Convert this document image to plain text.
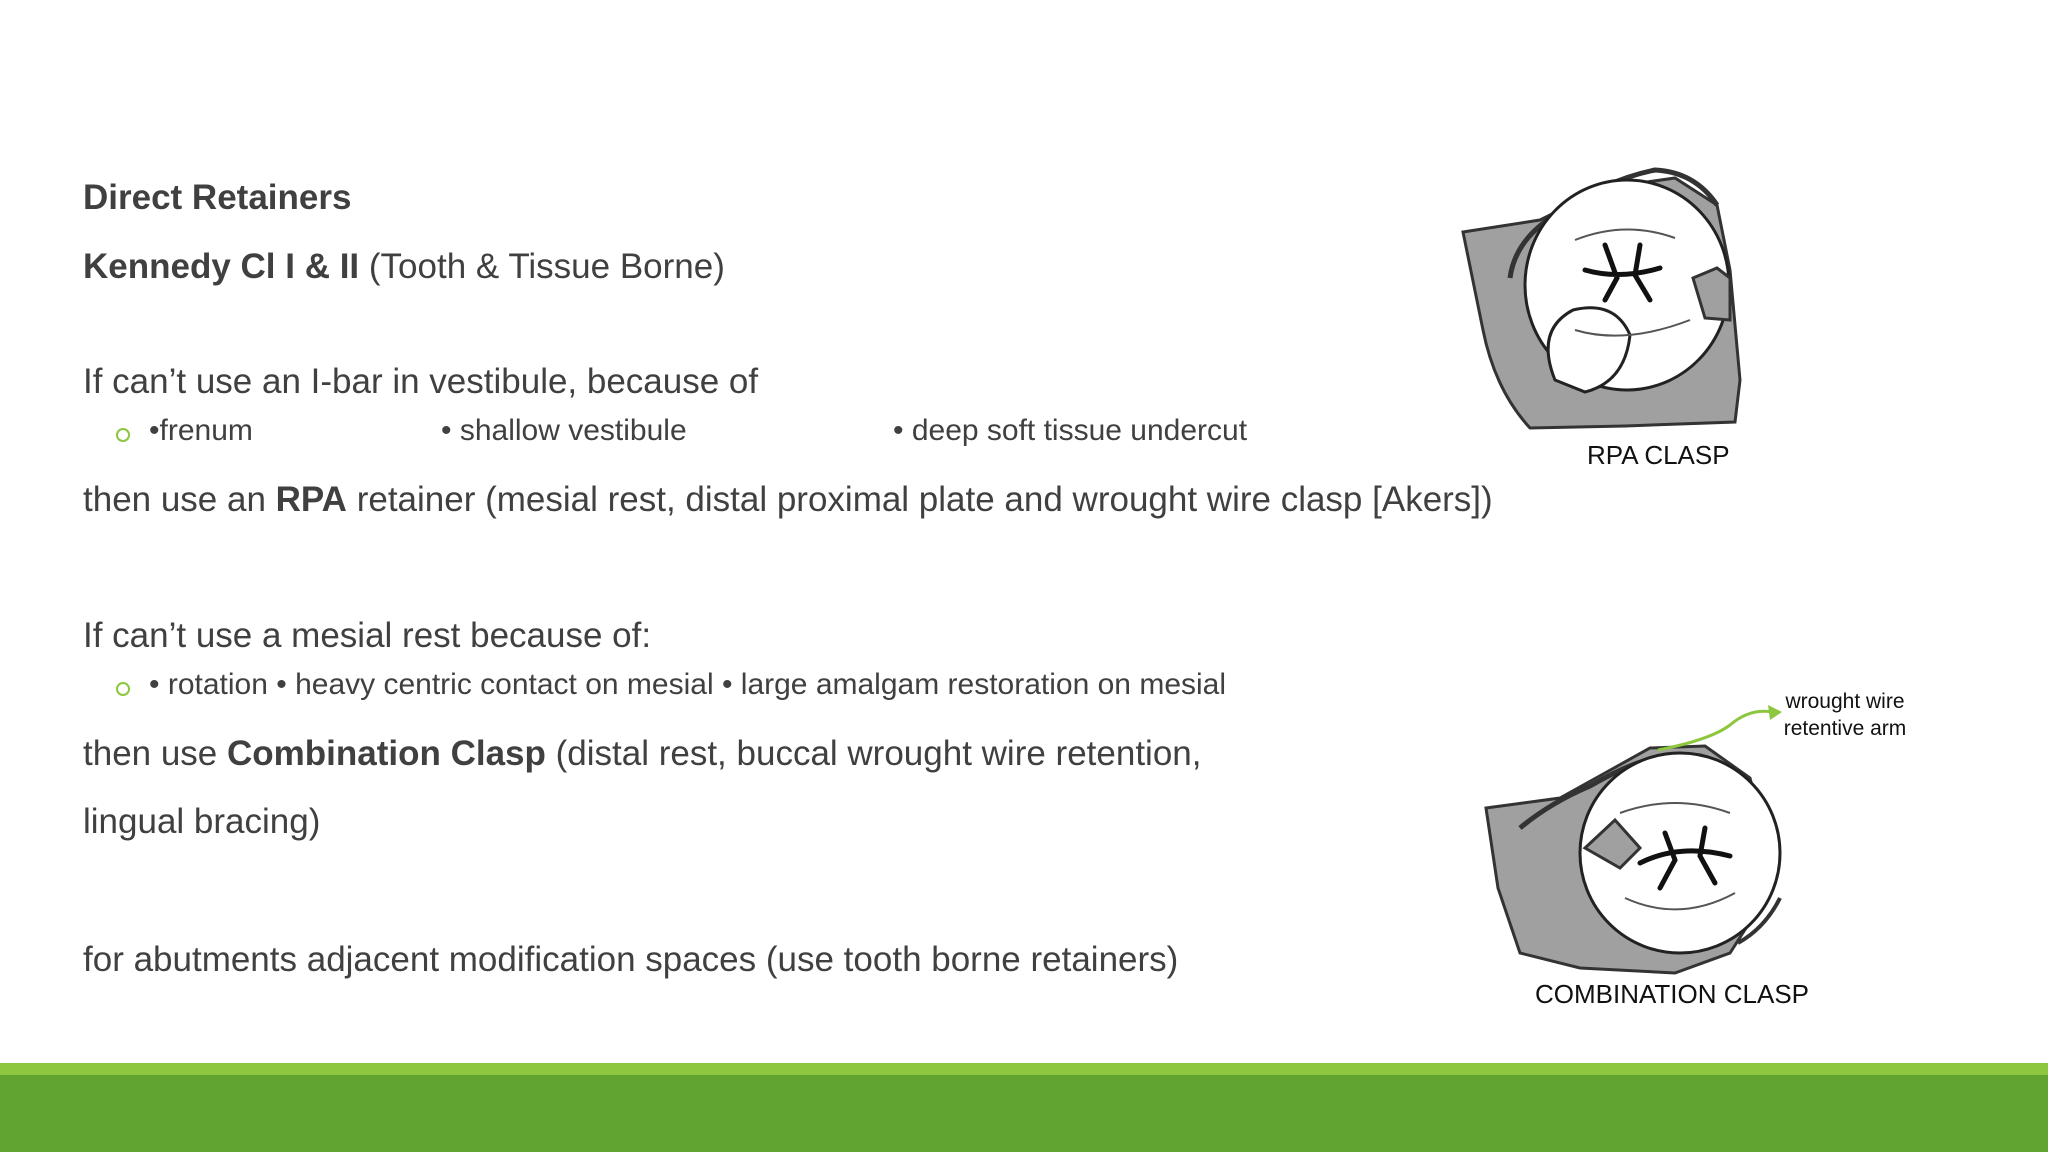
Direct Retainers

Kennedy Cl I & II (Tooth & Tissue Borne)

If can’t use an I-bar in vestibule, because of

•frenum	• shallow vestibule	• deep soft tissue undercut

then use an RPA retainer (mesial rest, distal proximal plate and wrought wire clasp [Akers])

If can’t use a mesial rest because of:

• rotation • heavy centric contact on mesial • large amalgam restoration on mesial

then use Combination Clasp (distal rest, buccal wrought wire retention,

lingual bracing)

for abutments adjacent modification spaces (use tooth borne retainers)

RPA CLASP

wrought wire retentive arm

COMBINATION CLASP
